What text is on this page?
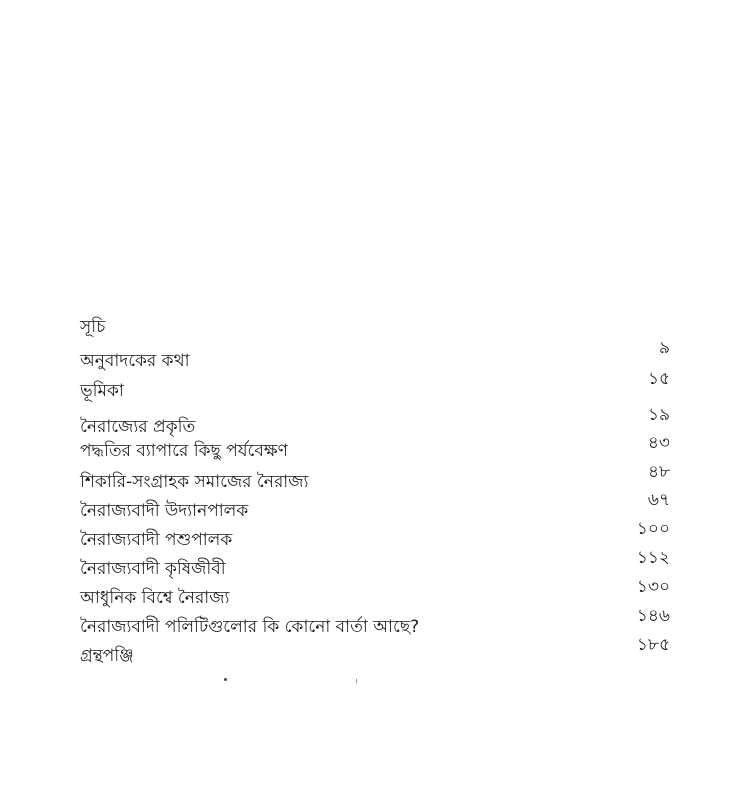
সূচি
অনুবাদকের কথা
৯
ভূমিকা
১৫
নৈরাজ্যের প্রকৃতি
১৯
পদ্ধতির ব্যাপারে কিছু পর্যবেক্ষণ	৪৩
শিকারি-সংগ্রাহক সমাজের নৈরাজ্য	৪৮
নৈরাজ্যবাদী উদ্যানপালক
৬৭
নৈরাজ্যবাদী পশুপালক
১০০
নৈরাজ্যবাদী কৃষিজীবী
১১২
আধুনিক বিশ্বে নৈরাজ্য
১৩০
নৈরাজ্যবাদী পলিটিগুলোর কি কোনো বার্তা আছে?
১৪৬
গ্রন্থপঞ্জি
১৮৫
